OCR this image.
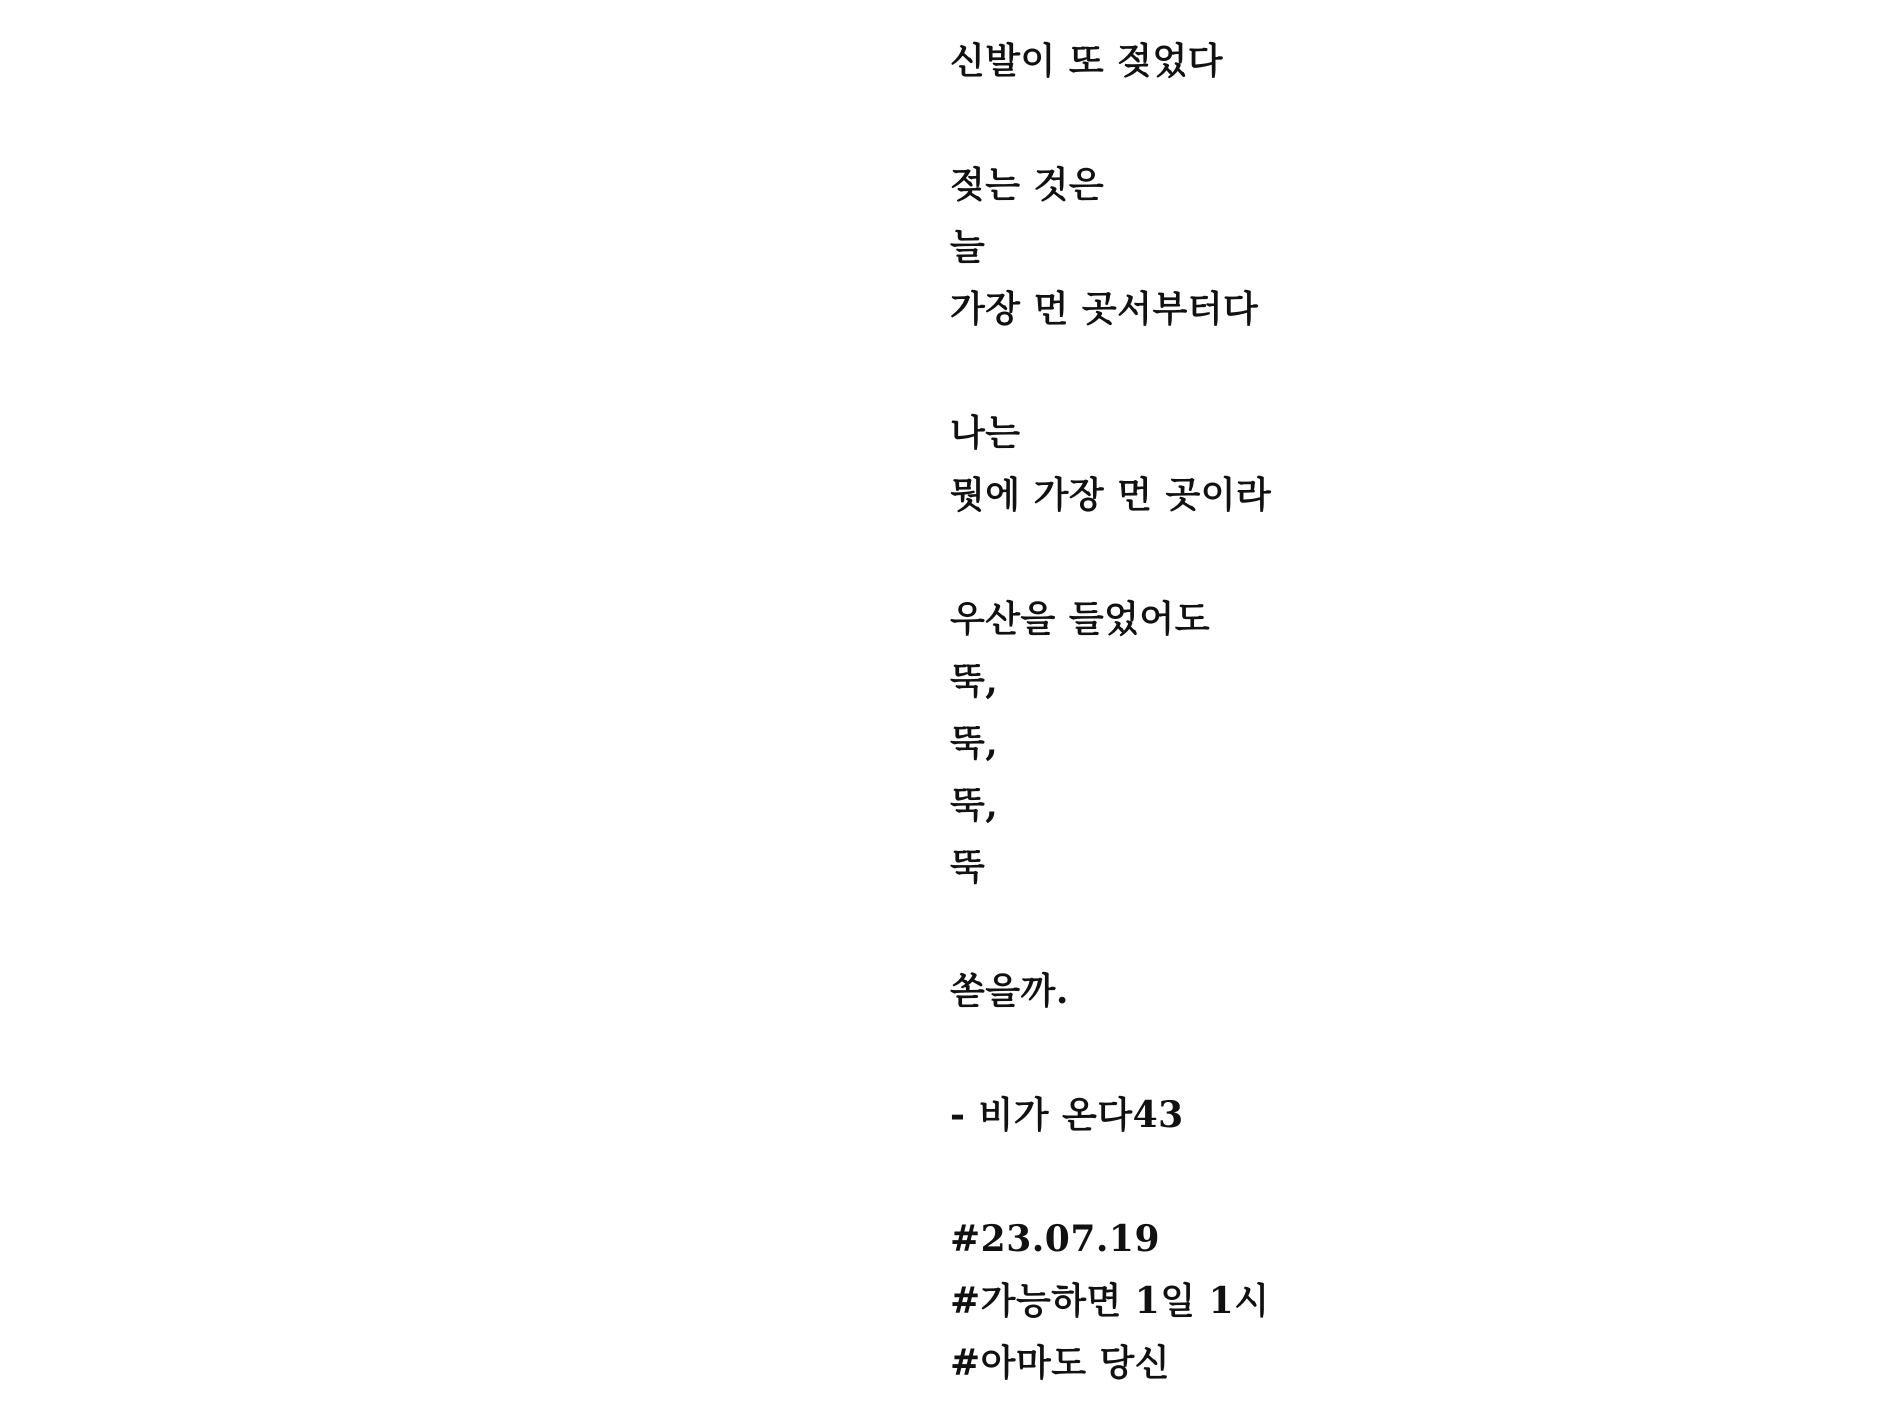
신발이 또 젖었다
젖는 것은
늘
가장 먼 곳서부터다
나는
뭣에 가장 먼 곳이라
우산을 들었어도
뚝,
뚝,
뚝,
뚝
쏟을까.
- 비가 온다43
#23.07.19
#가능하면 1일 1시
#아마도 당신
